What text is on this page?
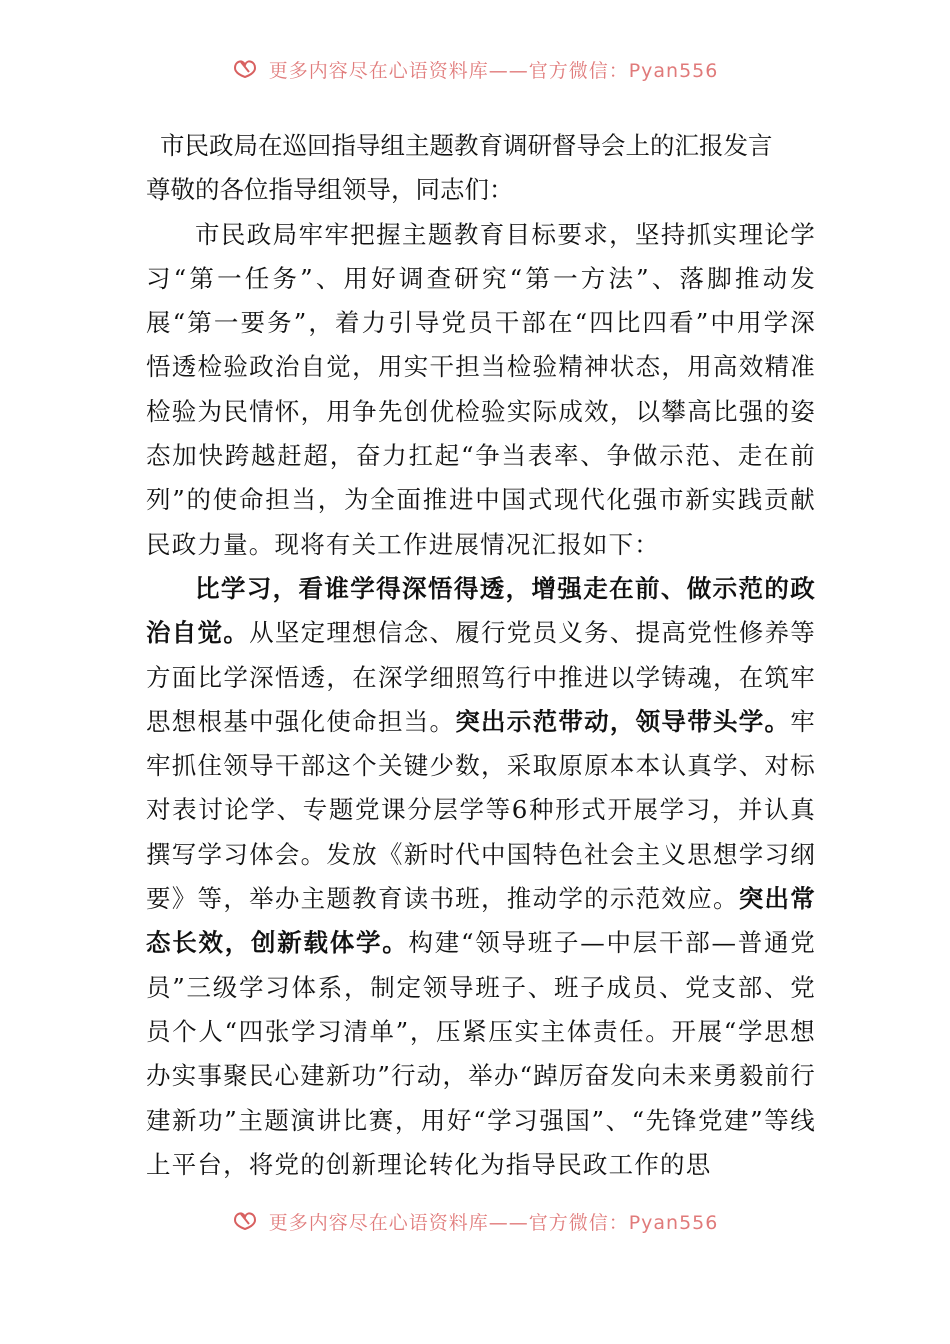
更多内容尽在心语资料库——官方微信：Pyan556

市民政局在巡回指导组主题教育调研督导会上的汇报发言

尊敬的各位指导组领导，同志们：

市民政局牢牢把握主题教育目标要求，坚持抓实理论学习“第一任务”、用好调查研究“第一方法”、落脚推动发展“第一要务”，着力引导党员干部在“四比四看”中用学深悟透检验政治自觉，用实干担当检验精神状态，用高效精准检验为民情怀，用争先创优检验实际成效，以攀高比强的姿态加快跨越赶超，奋力扛起“争当表率、争做示范、走在前列”的使命担当，为全面推进中国式现代化强市新实践贡献民政力量。现将有关工作进展情况汇报如下：

比学习，看谁学得深悟得透，增强走在前、做示范的政治自觉。从坚定理想信念、履行党员义务、提高党性修养等方面比学深悟透，在深学细照笃行中推进以学铸魂，在筑牢思想根基中强化使命担当。突出示范带动，领导带头学。牢牢抓住领导干部这个关键少数，采取原原本本认真学、对标对表讨论学、专题党课分层学等6种形式开展学习，并认真撰写学习体会。发放《新时代中国特色社会主义思想学习纲要》等，举办主题教育读书班，推动学的示范效应。突出常态长效，创新载体学。构建“领导班子—中层干部—普通党员”三级学习体系，制定领导班子、班子成员、党支部、党员个人“四张学习清单”，压紧压实主体责任。开展“学思想办实事聚民心建新功”行动，举办“踔厉奋发向未来勇毅前行建新功”主题演讲比赛，用好“学习强国”、“先锋党建”等线上平台，将党的创新理论转化为指导民政工作的思

更多内容尽在心语资料库——官方微信：Pyan556
